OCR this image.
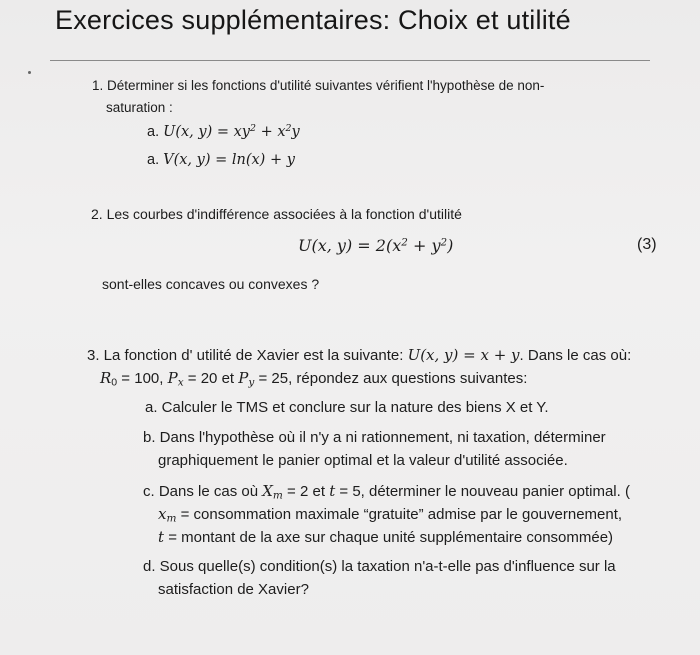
Exercices supplémentaires: Choix et utilité
1. Déterminer si les fonctions d'utilité suivantes vérifient l'hypothèse de non-
saturation :
a. U(x, $y) = xy^2 + x^2y$
a. V(x, y) = ln(x) + y
2. Les courbes d'indifférence associées à la fonction d'utilité
U(x, $y) = 2(x^2 + y^2)$	(3)
sont-elles concaves ou convexes ?
3. La fonction d' utilité de Xavier est la suivante: U(x, y) = x + y. Dans le cas où:
$R_0 = 100$, $P_x = 20$ et $P_y = 25$, répondez aux questions suivantes:
a. Calculer le TMS et conclure sur la nature des biens X et Y.
b. Dans l'hypothèse où il n'y a ni rationnement, ni taxation, déterminer
graphiquement le panier optimal et la valeur d'utilité associée.
c. Dans le cas où $X_m = 2$ et t = 5, déterminer le nouveau panier optimal. (
$x_m$ = consommation maximale “gratuite” admise par le gouvernement,
t = montant de la axe sur chaque unité supplémentaire consommée)
d. Sous quelle(s) condition(s) la taxation n'a-t-elle pas d'influence sur la
satisfaction de Xavier?
